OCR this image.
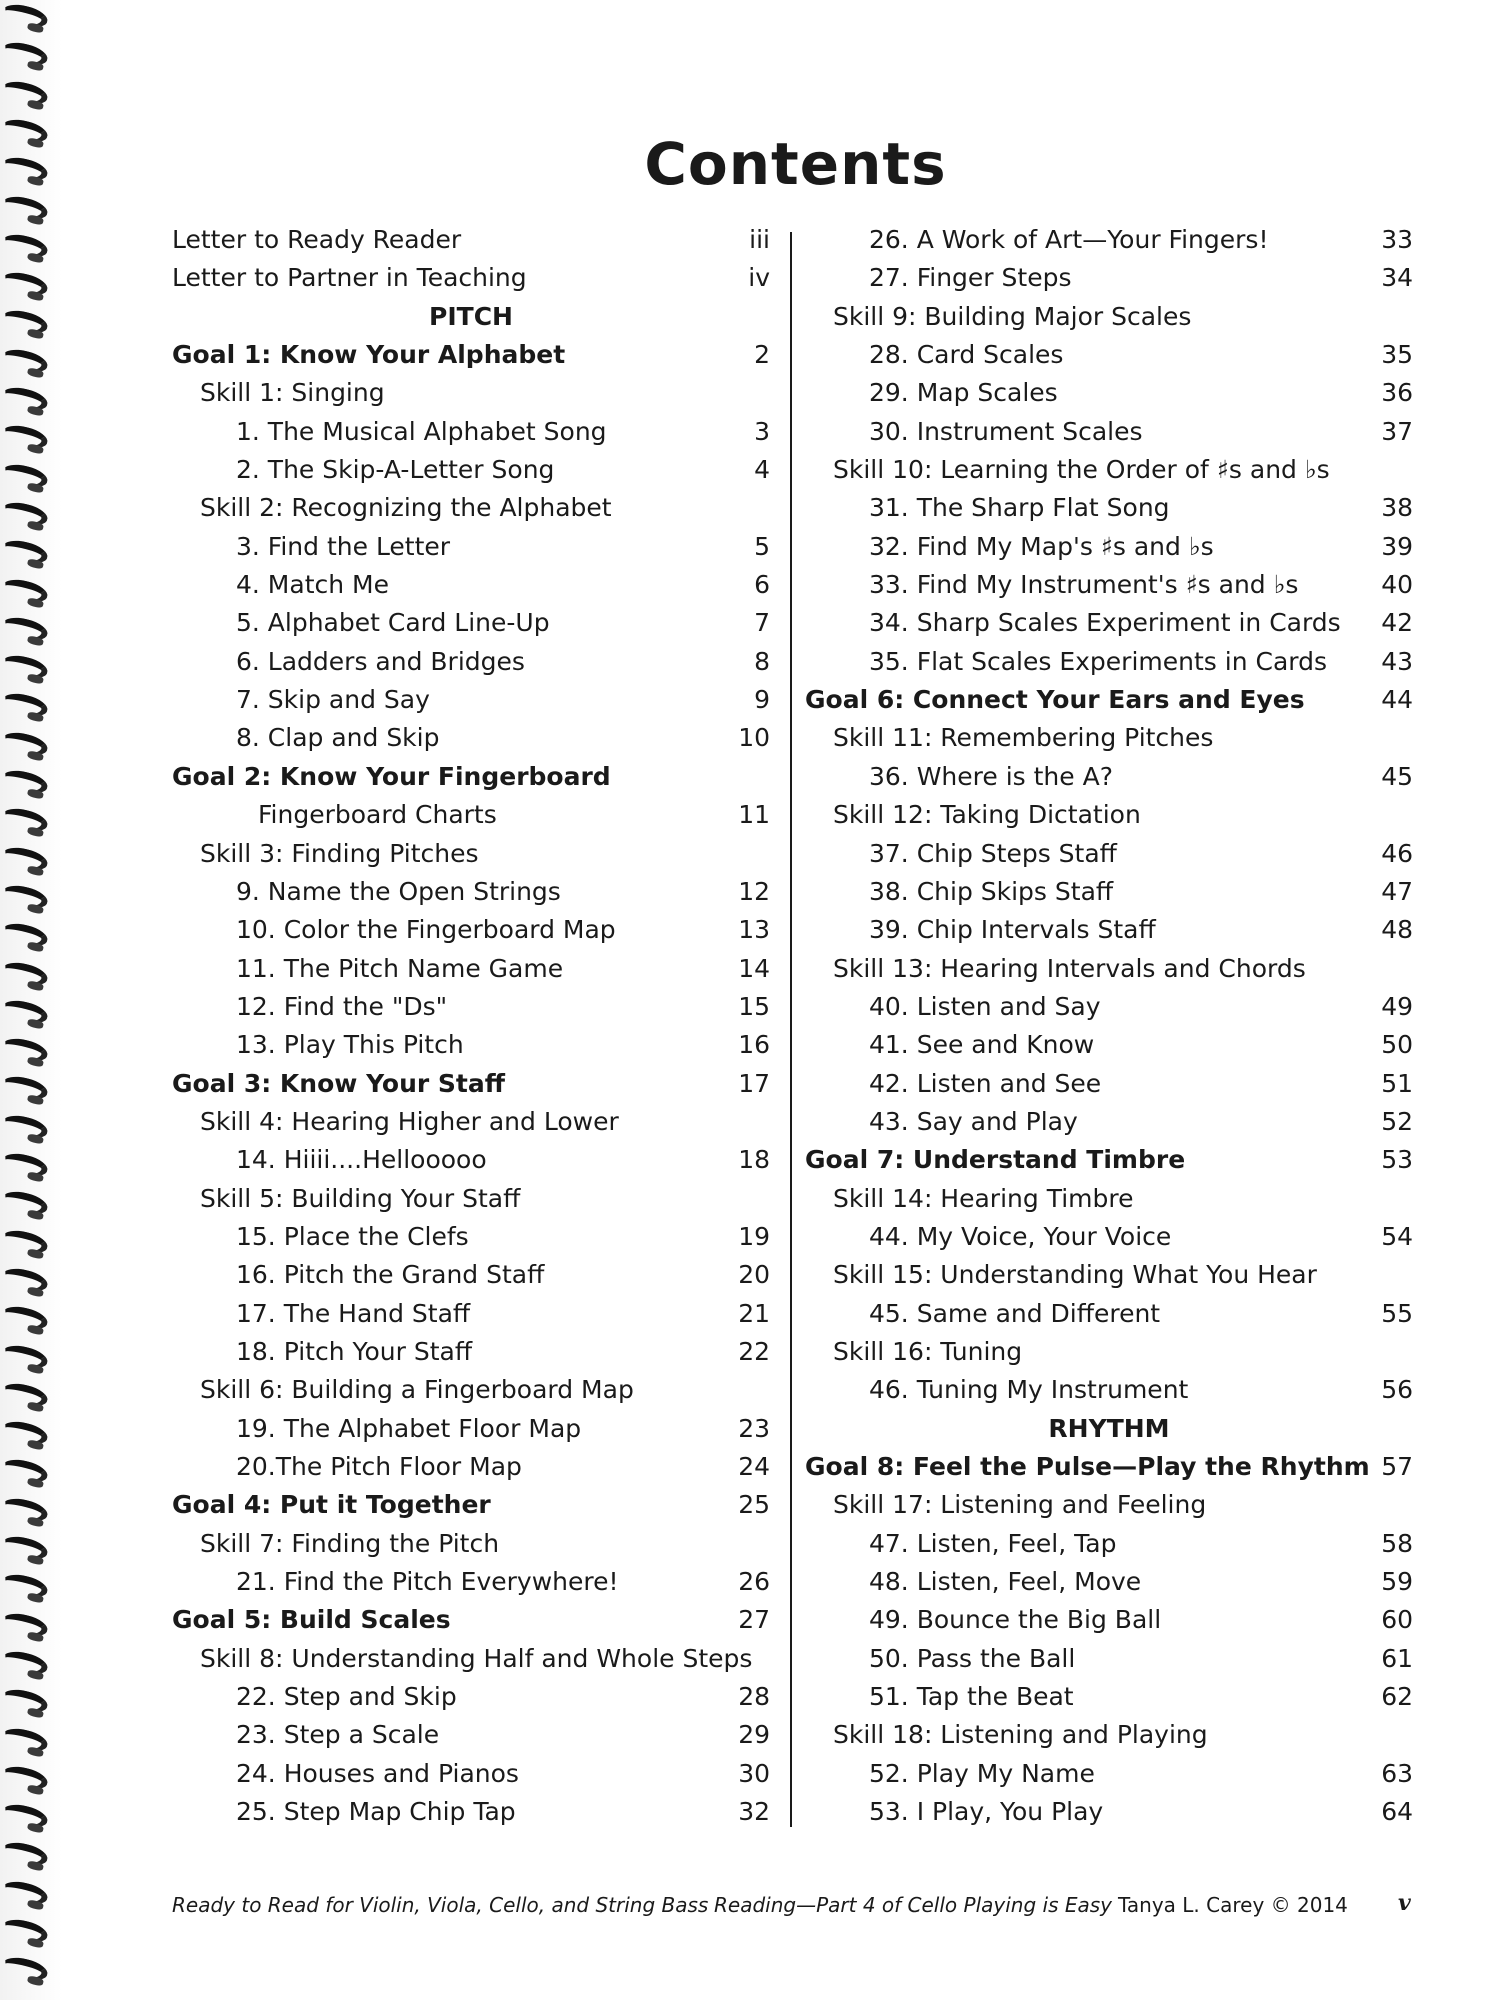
Contents
Letter to Ready Reader	iii
Letter to Partner in Teaching	iv
PITCH
Goal 1: Know Your Alphabet	2
Skill 1: Singing
1. The Musical Alphabet Song	3
2. The Skip-A-Letter Song	4
Skill 2: Recognizing the Alphabet
3. Find the Letter	5
4. Match Me	6
5. Alphabet Card Line-Up	7
6. Ladders and Bridges	8
7. Skip and Say	9
8. Clap and Skip	10
Goal 2: Know Your Fingerboard
Fingerboard Charts	11
Skill 3: Finding Pitches
9. Name the Open Strings	12
10. Color the Fingerboard Map	13
11. The Pitch Name Game	14
12. Find the "Ds"	15
13. Play This Pitch	16
Goal 3: Know Your Staff	17
Skill 4: Hearing Higher and Lower
14. Hiiii....Hellooooo	18
Skill 5: Building Your Staff
15. Place the Clefs	19
16. Pitch the Grand Staff	20
17. The Hand Staff	21
18. Pitch Your Staff	22
Skill 6: Building a Fingerboard Map
19. The Alphabet Floor Map	23
20.The Pitch Floor Map	24
Goal 4: Put it Together	25
Skill 7: Finding the Pitch
21. Find the Pitch Everywhere!	26
Goal 5: Build Scales	27
Skill 8: Understanding Half and Whole Steps
22. Step and Skip	28
23. Step a Scale	29
24. Houses and Pianos	30
25. Step Map Chip Tap	32
26. A Work of Art—Your Fingers!	33
27. Finger Steps	34
Skill 9: Building Major Scales
28. Card Scales	35
29. Map Scales	36
30. Instrument Scales	37
Skill 10: Learning the Order of ♯s and ♭s
31. The Sharp Flat Song	38
32. Find My Map's ♯s and ♭s	39
33. Find My Instrument's ♯s and ♭s	40
34. Sharp Scales Experiment in Cards 42
35. Flat Scales Experiments in Cards 43
Goal 6: Connect Your Ears and Eyes	44
Skill 11: Remembering Pitches
36. Where is the A?	45
Skill 12: Taking Dictation
37. Chip Steps Staff	46
38. Chip Skips Staff	47
39. Chip Intervals Staff	48
Skill 13: Hearing Intervals and Chords
40. Listen and Say	49
41. See and Know	50
42. Listen and See	51
43. Say and Play	52
Goal 7: Understand Timbre	53
Skill 14: Hearing Timbre
44. My Voice, Your Voice	54
Skill 15: Understanding What You Hear
45. Same and Different	55
Skill 16: Tuning
46. Tuning My Instrument	56
RHYTHM
Goal 8: Feel the Pulse—Play the Rhythm 57
Skill 17: Listening and Feeling
47. Listen, Feel, Tap	58
48. Listen, Feel, Move	59
49. Bounce the Big Ball	60
50. Pass the Ball	61
51. Tap the Beat	62
Skill 18: Listening and Playing
52. Play My Name	63
53. I Play, You Play	64
Ready to Read for Violin, Viola, Cello, and String Bass Reading—Part 4 of Cello Playing is Easy Tanya L. Carey © 2014 v
